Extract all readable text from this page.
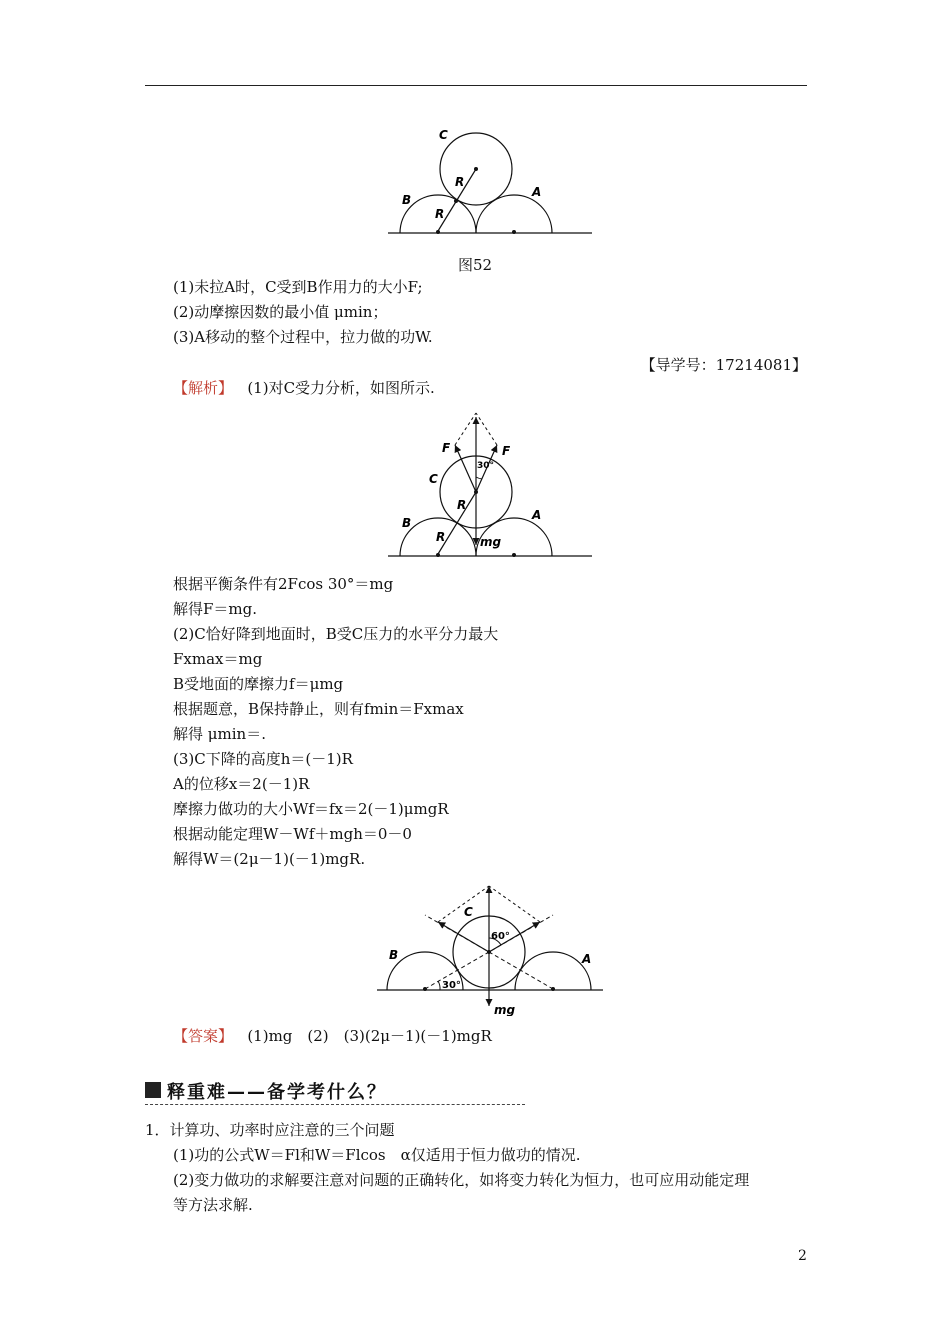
C
R
R
B
A
图52
(1)未拉A时，C受到B作用力的大小F;
(2)动摩擦因数的最小值 μmin；
(3)A移动的整个过程中，拉力做的功W.
【导学号：17214081】
【解析】 (1)对C受力分析，如图所示.
F	F
30°
C
R
R
B
A
mg
根据平衡条件有2Fcos 30°＝mg
解得F＝mg.
(2)C恰好降到地面时，B受C压力的水平分力最大
Fxmax＝mg
B受地面的摩擦力f＝μmg
根据题意，B保持静止，则有fmin＝Fxmax
解得 μmin＝.
(3)C下降的高度h＝(－1)R
A的位移x＝2(－1)R
摩擦力做功的大小Wf＝fx＝2(－1)μmgR
根据动能定理W－Wf＋mgh＝0－0
解得W＝(2μ－1)(－1)mgR.
C
60°
B	A
30°
mg
【答案】 (1)mg　(2)　(3)(2μ－1)(－1)mgR
释重难——备学考什么？
1．计算功、功率时应注意的三个问题
(1)功的公式W＝Fl和W＝Flcos　α仅适用于恒力做功的情况.
(2)变力做功的求解要注意对问题的正确转化，如将变力转化为恒力，也可应用动能定理
等方法求解.
2
